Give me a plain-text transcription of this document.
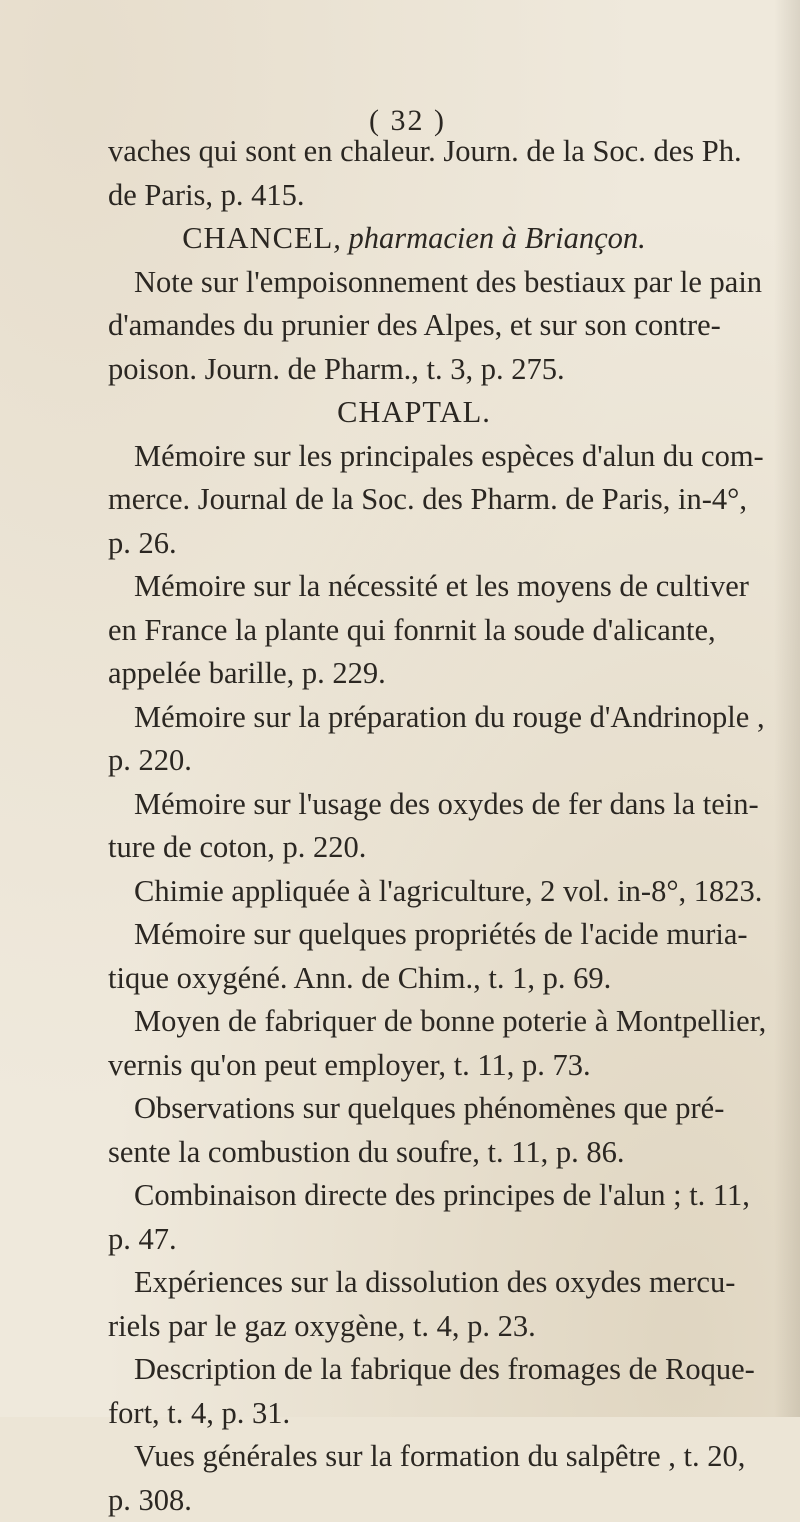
( 32 )
vaches qui sont en chaleur. Journ. de la Soc. des Ph.
de Paris, p. 415.
CHANCEL, pharmacien à Briançon.
Note sur l'empoisonnement des bestiaux par le pain
d'amandes du prunier des Alpes, et sur son contre-
poison. Journ. de Pharm., t. 3, p. 275.
CHAPTAL.
Mémoire sur les principales espèces d'alun du com-
merce. Journal de la Soc. des Pharm. de Paris, in-4°,
p. 26.
Mémoire sur la nécessité et les moyens de cultiver
en France la plante qui fonrnit la soude d'alicante,
appelée barille, p. 229.
Mémoire sur la préparation du rouge d'Andrinople ,
p. 220.
Mémoire sur l'usage des oxydes de fer dans la tein-
ture de coton, p. 220.
Chimie appliquée à l'agriculture, 2 vol. in-8°, 1823.
Mémoire sur quelques propriétés de l'acide muria-
tique oxygéné. Ann. de Chim., t. 1, p. 69.
Moyen de fabriquer de bonne poterie à Montpellier,
vernis qu'on peut employer, t. 11, p. 73.
Observations sur quelques phénomènes que pré-
sente la combustion du soufre, t. 11, p. 86.
Combinaison directe des principes de l'alun ; t. 11,
p. 47.
Expériences sur la dissolution des oxydes mercu-
riels par le gaz oxygène, t. 4, p. 23.
Description de la fabrique des fromages de Roque-
fort, t. 4, p. 31.
Vues générales sur la formation du salpêtre , t. 20,
p. 308.
